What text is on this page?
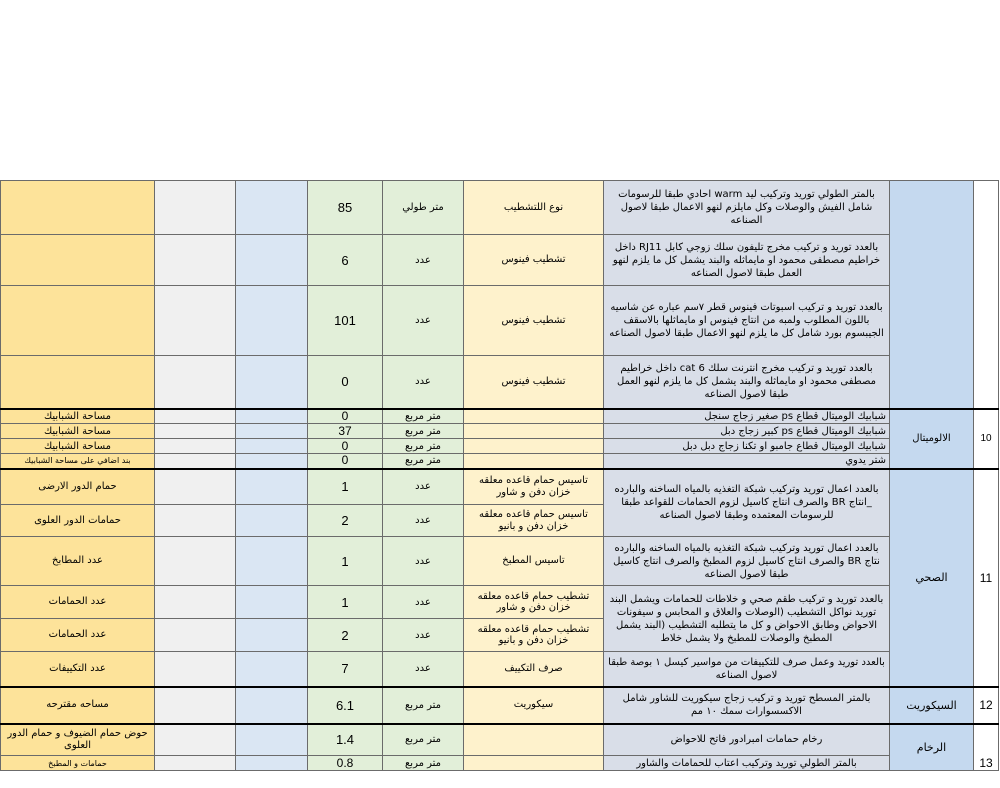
			85	متر طولي	نوع اللتشطيب	بالمتر الطولي توريد وتركيب ليد warm احادي طبقا للرسومات شامل الفيش والوصلات وكل مايلزم لنهو الاعمال طبقا لاصول الصناعه		
			6	عدد	تشطيب فينوس	بالعدد توريد و تركيب مخرج تليفون سلك زوجي كابل RJ11 داخل خراطيم مصطفى محمود او مايماثله والبند يشمل كل ما يلزم لنهو العمل طبقا لاصول الصناعه		
			101	عدد	تشطيب فينوس	بالعدد توريد و تركيب اسبوتات فينوس قطر ٧سم عباره عن شاسيه باللون المطلوب ولمبه من انتاج فينوس او مايماثلها بالاسقف الجيبسوم بورد شامل كل ما يلزم لنهو الاعمال طبقا لاصول الصناعه		
			0	عدد	تشطيب فينوس	بالعدد توريد و تركيب مخرج انترنت سلك cat 6 داخل خراطيم مصطفى محمود او مايماثله والبند يشمل كل ما يلزم لنهو العمل طبقا لاصول الصناعه		
مساحة الشبابيك			0	متر مربع		شبابيك الوميتال قطاع ps صغير زجاج سنجل	الالوميتال	10
مساحة الشبابيك			37	متر مربع		شبابيك الوميتال قطاع ps كبير زجاج دبل		
مساحة الشبابيك			0	متر مربع		شبابيك الوميتال قطاع جامبو او تكنا زجاج دبل دبل		
بند اضافي على مساحة الشبابيك			0	متر مربع		شتر يدوي		
حمام الدور الارضى			1	عدد	تاسيس حمام قاعده معلقه خزان دفن و شاور	بالعدد اعمال توريد وتركيب شبكة التغذيه بالمياه الساخنه والبارده _انتاج BR والصرف انتاج كاسيل لزوم الحمامات للقواعد طبقا للرسومات المعتمده وطبقا لاصول الصناعه	الصحي	11
حمامات الدور العلوى			2	عدد	تاسيس حمام قاعده معلقه خزان دفن و بانيو			
عدد المطابخ			1	عدد	تاسيس المطبخ	بالعدد اعمال توريد وتركيب شبكة التغذيه بالمياه الساخنه والبارده نتاج BR والصرف انتاج كاسيل لزوم المطبخ والصرف انتاج كاسيل طبقا لاصول الصناعه		
عدد الحمامات			1	عدد	تشطيب حمام قاعده معلقه خزان دفن و شاور	بالعدد توريد و تركيب طقم صحي و خلاطات للحمامات ويشمل البند توريد نواكل التشطيب (الوصلات والعلاق و المحابس و سيفونات الاحواض وطابق الاحواض و كل ما يتطلبه التشطيب (البند يشمل المطبخ والوصلات للمطبخ ولا يشمل خلاط		
عدد الحمامات			2	عدد	تشطيب حمام قاعده معلقه خزان دفن و بانيو			
عدد التكييفات			7	عدد	صرف التكييف	بالعدد توريد وعمل صرف للتكييفات من مواسير كيسل ١ بوصة طبقا لاصول الصناعه		
مساحه مقترحه			6.1	متر مربع	سيكوريت	بالمتر المسطح توريد و تركيب زجاج سيكوريت للشاور شامل الاكسسوارات سمك ١٠ مم	السيكوريت	12
حوض حمام الضيوف و حمام الدور العلوى			1.4	متر مربع		رخام حمامات امبرادور فاتح للاحواض	الرخام	13
حمامات و المطبخ			0.8	متر مربع		بالمتر الطولي توريد وتركيب اعتاب للحمامات والشاور		
